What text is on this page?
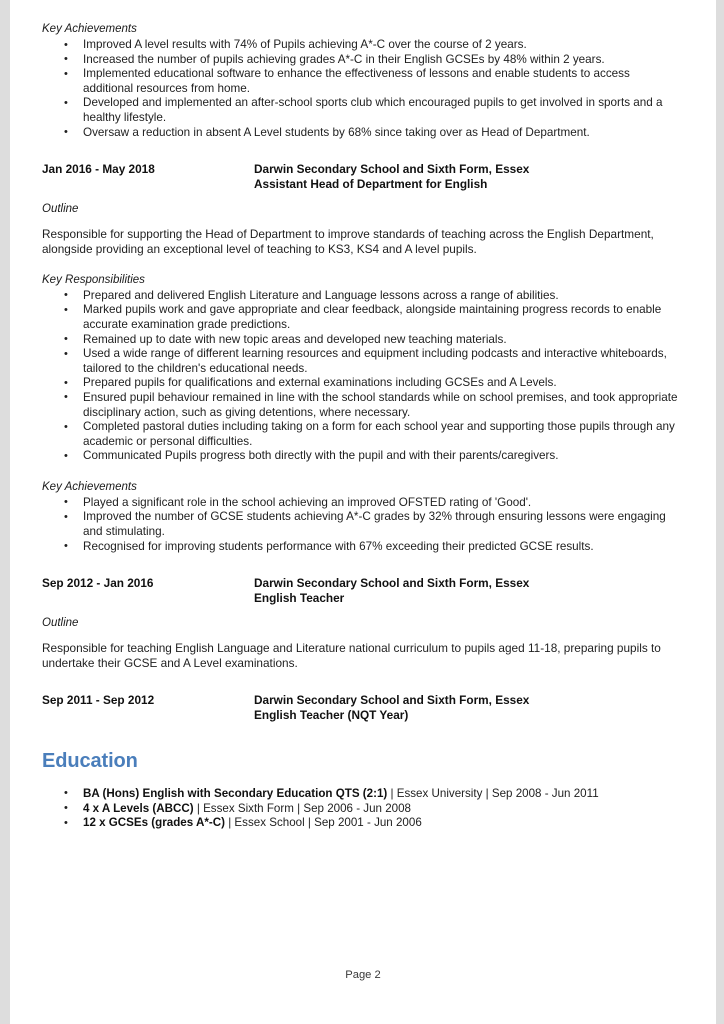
Key Achievements
• Improved A level results with 74% of Pupils achieving A*-C over the course of 2 years.
• Increased the number of pupils achieving grades A*-C in their English GCSEs by 48% within 2 years.
• Implemented educational software to enhance the effectiveness of lessons and enable students to access additional resources from home.
• Developed and implemented an after-school sports club which encouraged pupils to get involved in sports and a healthy lifestyle.
• Oversaw a reduction in absent A Level students by 68% since taking over as Head of Department.
Jan 2016 - May 2018	Darwin Secondary School and Sixth Form, Essex
Assistant Head of Department for English
Outline

Responsible for supporting the Head of Department to improve standards of teaching across the English Department, alongside providing an exceptional level of teaching to KS3, KS4 and A level pupils.

Key Responsibilities
• Prepared and delivered English Literature and Language lessons across a range of abilities.
• Marked pupils work and gave appropriate and clear feedback, alongside maintaining progress records to enable accurate examination grade predictions.
• Remained up to date with new topic areas and developed new teaching materials.
• Used a wide range of different learning resources and equipment including podcasts and interactive whiteboards, tailored to the children's educational needs.
• Prepared pupils for qualifications and external examinations including GCSEs and A Levels.
• Ensured pupil behaviour remained in line with the school standards while on school premises, and took appropriate disciplinary action, such as giving detentions, where necessary.
• Completed pastoral duties including taking on a form for each school year and supporting those pupils through any academic or personal difficulties.
• Communicated Pupils progress both directly with the pupil and with their parents/caregivers.
Key Achievements
• Played a significant role in the school achieving an improved OFSTED rating of 'Good'.
• Improved the number of GCSE students achieving A*-C grades by 32% through ensuring lessons were engaging and stimulating.
• Recognised for improving students performance with 67% exceeding their predicted GCSE results.
Sep 2012 - Jan 2016	Darwin Secondary School and Sixth Form, Essex
English Teacher
Outline

Responsible for teaching English Language and Literature national curriculum to pupils aged 11-18, preparing pupils to undertake their GCSE and A Level examinations.

Sep 2011 - Sep 2012	Darwin Secondary School and Sixth Form, Essex
English Teacher (NQT Year)
Education
• BA (Hons) English with Secondary Education QTS (2:1) | Essex University | Sep 2008 - Jun 2011
• 4 x A Levels (ABCC) | Essex Sixth Form | Sep 2006 - Jun 2008
• 12 x GCSEs (grades A*-C) | Essex School | Sep 2001 - Jun 2006
Page 2
